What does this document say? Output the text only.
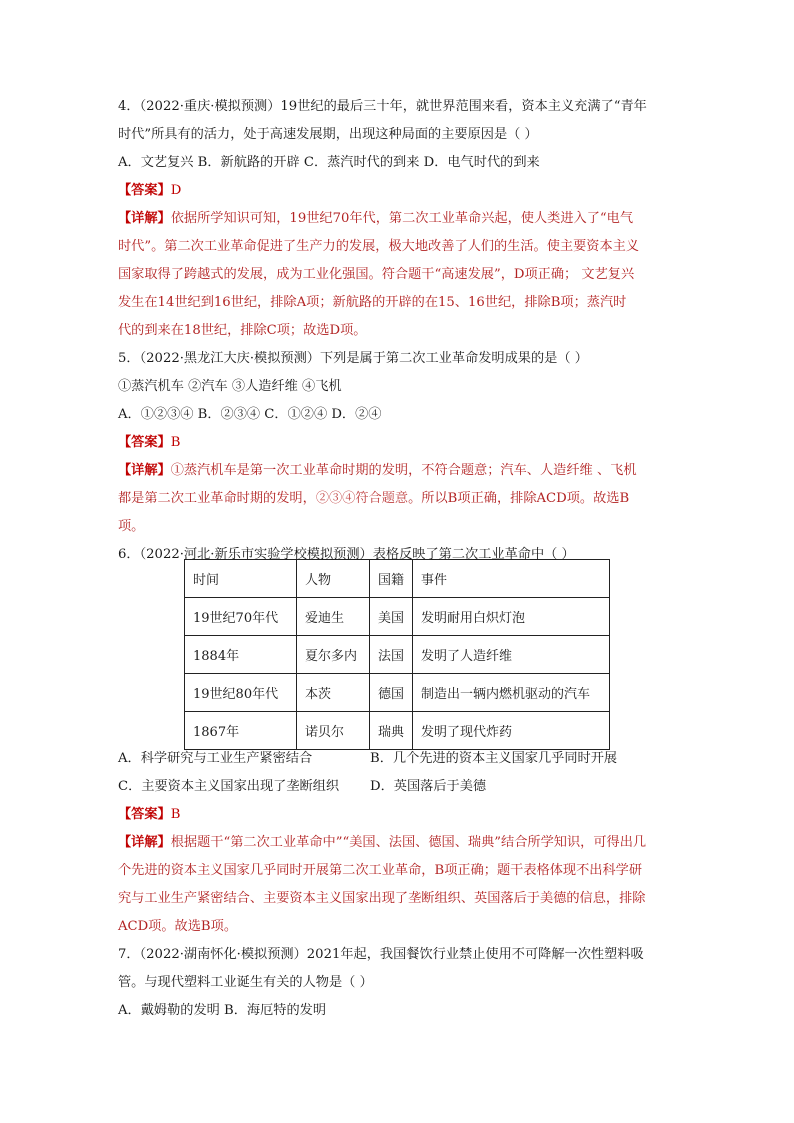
4．（2022·重庆·模拟预测）19世纪的最后三十年，就世界范围来看，资本主义充满了“青年
时代”所具有的活力，处于高速发展期，出现这种局面的主要原因是（ ）
A．文艺复兴 B．新航路的开辟 C．蒸汽时代的到来 D．电气时代的到来
【答案】D
【详解】依据所学知识可知，19世纪70年代，第二次工业革命兴起，使人类进入了“电气
时代”。第二次工业革命促进了生产力的发展，极大地改善了人们的生活。使主要资本主义
国家取得了跨越式的发展，成为工业化强国。符合题干“高速发展”，D项正确； 文艺复兴
发生在14世纪到16世纪，排除A项；新航路的开辟的在15、16世纪，排除B项；蒸汽时
代的到来在18世纪，排除C项；故选D项。
5．（2022·黑龙江大庆·模拟预测）下列是属于第二次工业革命发明成果的是（ ）
①蒸汽机车 ②汽车 ③人造纤维 ④飞机
A．①②③④ B．②③④ C．①②④ D．②④
【答案】B
【详解】①蒸汽机车是第一次工业革命时期的发明，不符合题意；汽车、人造纤维 、飞机
都是第二次工业革命时期的发明，②③④符合题意。所以B项正确，排除ACD项。故选B
项。
6．（2022·河北·新乐市实验学校模拟预测）表格反映了第二次工业革命中（ ）
时间	人物	国籍	事件
19世纪70年代	爱迪生	美国	发明耐用白炽灯泡
1884年	夏尔多内	法国	发明了人造纤维
19世纪80年代	本茨	德国	制造出一辆内燃机驱动的汽车
1867年	诺贝尔	瑞典	发明了现代炸药
A．科学研究与工业生产紧密结合	B．几个先进的资本主义国家几乎同时开展
C．主要资本主义国家出现了垄断组织 D．英国落后于美德
【答案】B
【详解】根据题干“第二次工业革命中”“美国、法国、德国、瑞典”结合所学知识，可得出几
个先进的资本主义国家几乎同时开展第二次工业革命，B项正确；题干表格体现不出科学研
究与工业生产紧密结合、主要资本主义国家出现了垄断组织、英国落后于美德的信息，排除
ACD项。故选B项。
7．（2022·湖南怀化·模拟预测）2021年起，我国餐饮行业禁止使用不可降解一次性塑料吸
管。与现代塑料工业诞生有关的人物是（ ）
A．戴姆勒的发明 B．海厄特的发明
